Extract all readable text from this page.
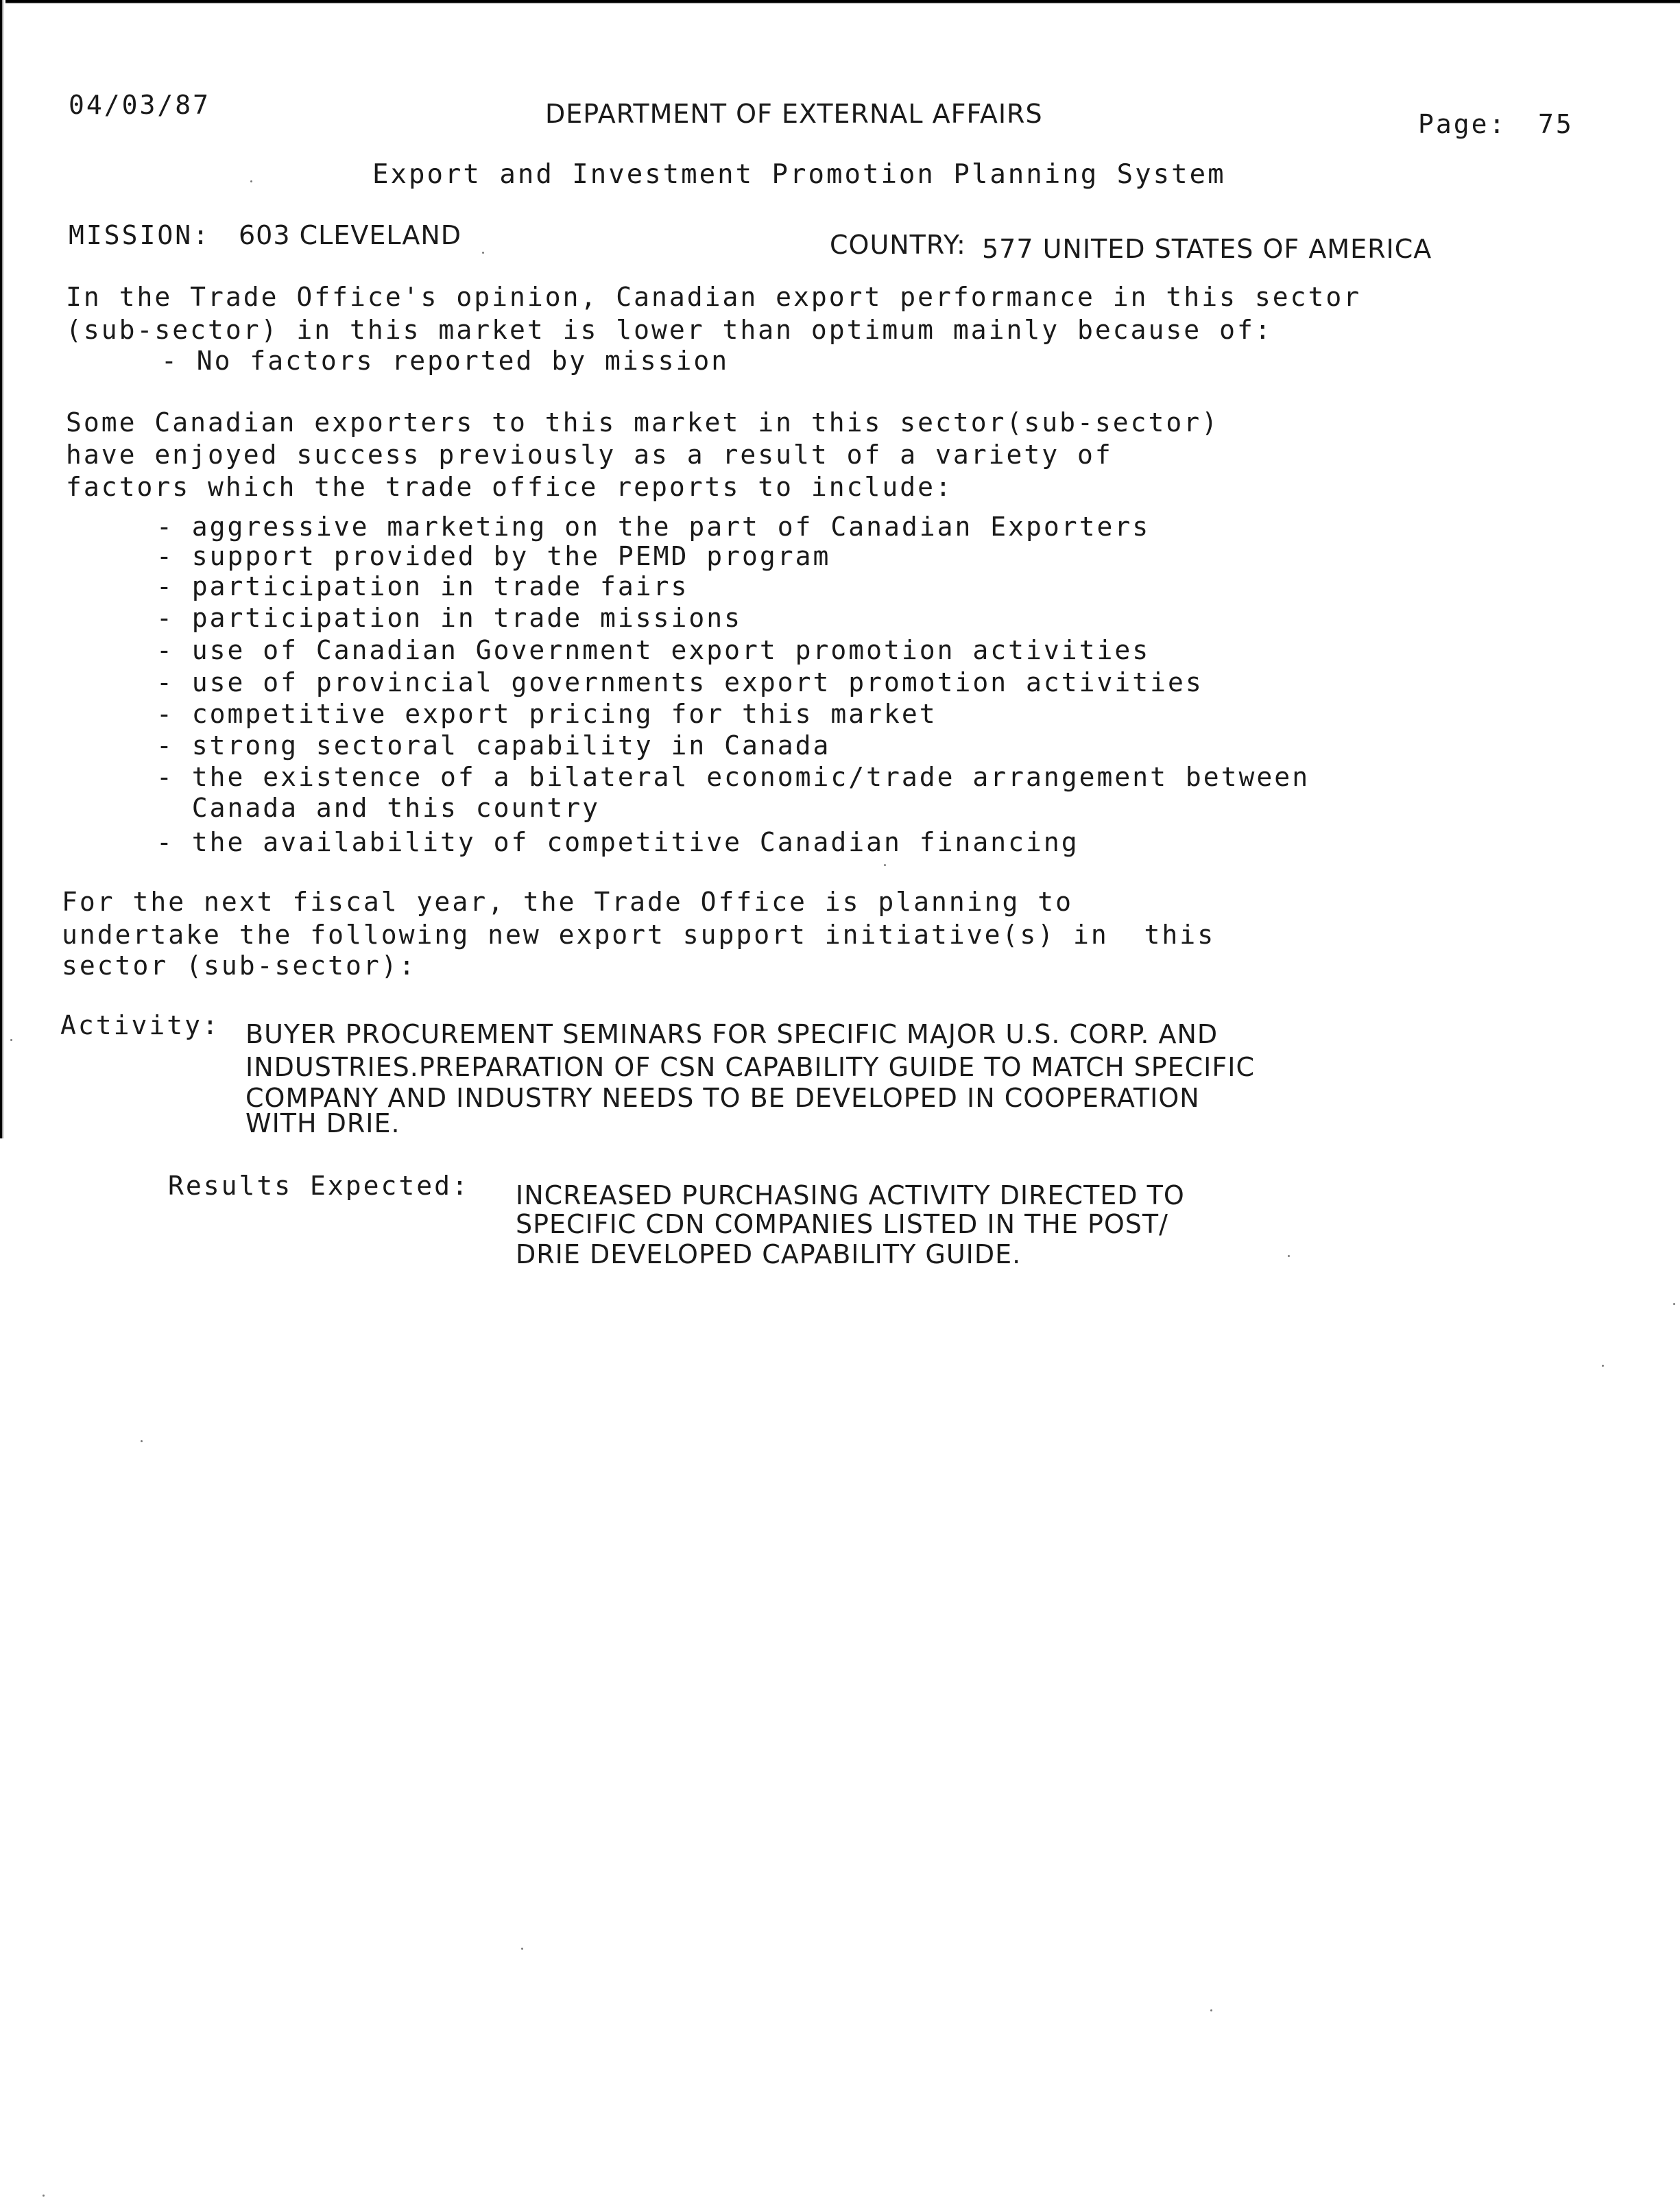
04/03/87	DEPARTMENT OF EXTERNAL AFFAIRS	Page: 75
Export and Investment Promotion Planning System
MISSION: 603 CLEVELAND	COUNTRY: 577 UNITED STATES OF AMERICA
In the Trade Office's opinion, Canadian export performance in this sector
(sub-sector) in this market is lower than optimum mainly because of:
- No factors reported by mission
Some Canadian exporters to this market in this sector(sub-sector)
have enjoyed success previously as a result of a variety of
factors which the trade office reports to include:
- aggressive marketing on the part of Canadian Exporters
- support provided by the PEMD program
- participation in trade fairs
- participation in trade missions
- use of Canadian Government export promotion activities
- use of provincial governments export promotion activities
- competitive export pricing for this market
- strong sectoral capability in Canada
- the existence of a bilateral economic/trade arrangement between
Canada and this country
- the availability of competitive Canadian financing
For the next fiscal year, the Trade Office is planning to
undertake the following new export support initiative(s) in  this
sector (sub-sector):
Activity: BUYER PROCUREMENT SEMINARS FOR SPECIFIC MAJOR U.S. CORP. AND
INDUSTRIES.PREPARATION OF CSN CAPABILITY GUIDE TO MATCH SPECIFIC
COMPANY AND INDUSTRY NEEDS TO BE DEVELOPED IN COOPERATION
WITH DRIE.
Results Expected: INCREASED PURCHASING ACTIVITY DIRECTED TO
SPECIFIC CDN COMPANIES LISTED IN THE POST/
DRIE DEVELOPED CAPABILITY GUIDE.
